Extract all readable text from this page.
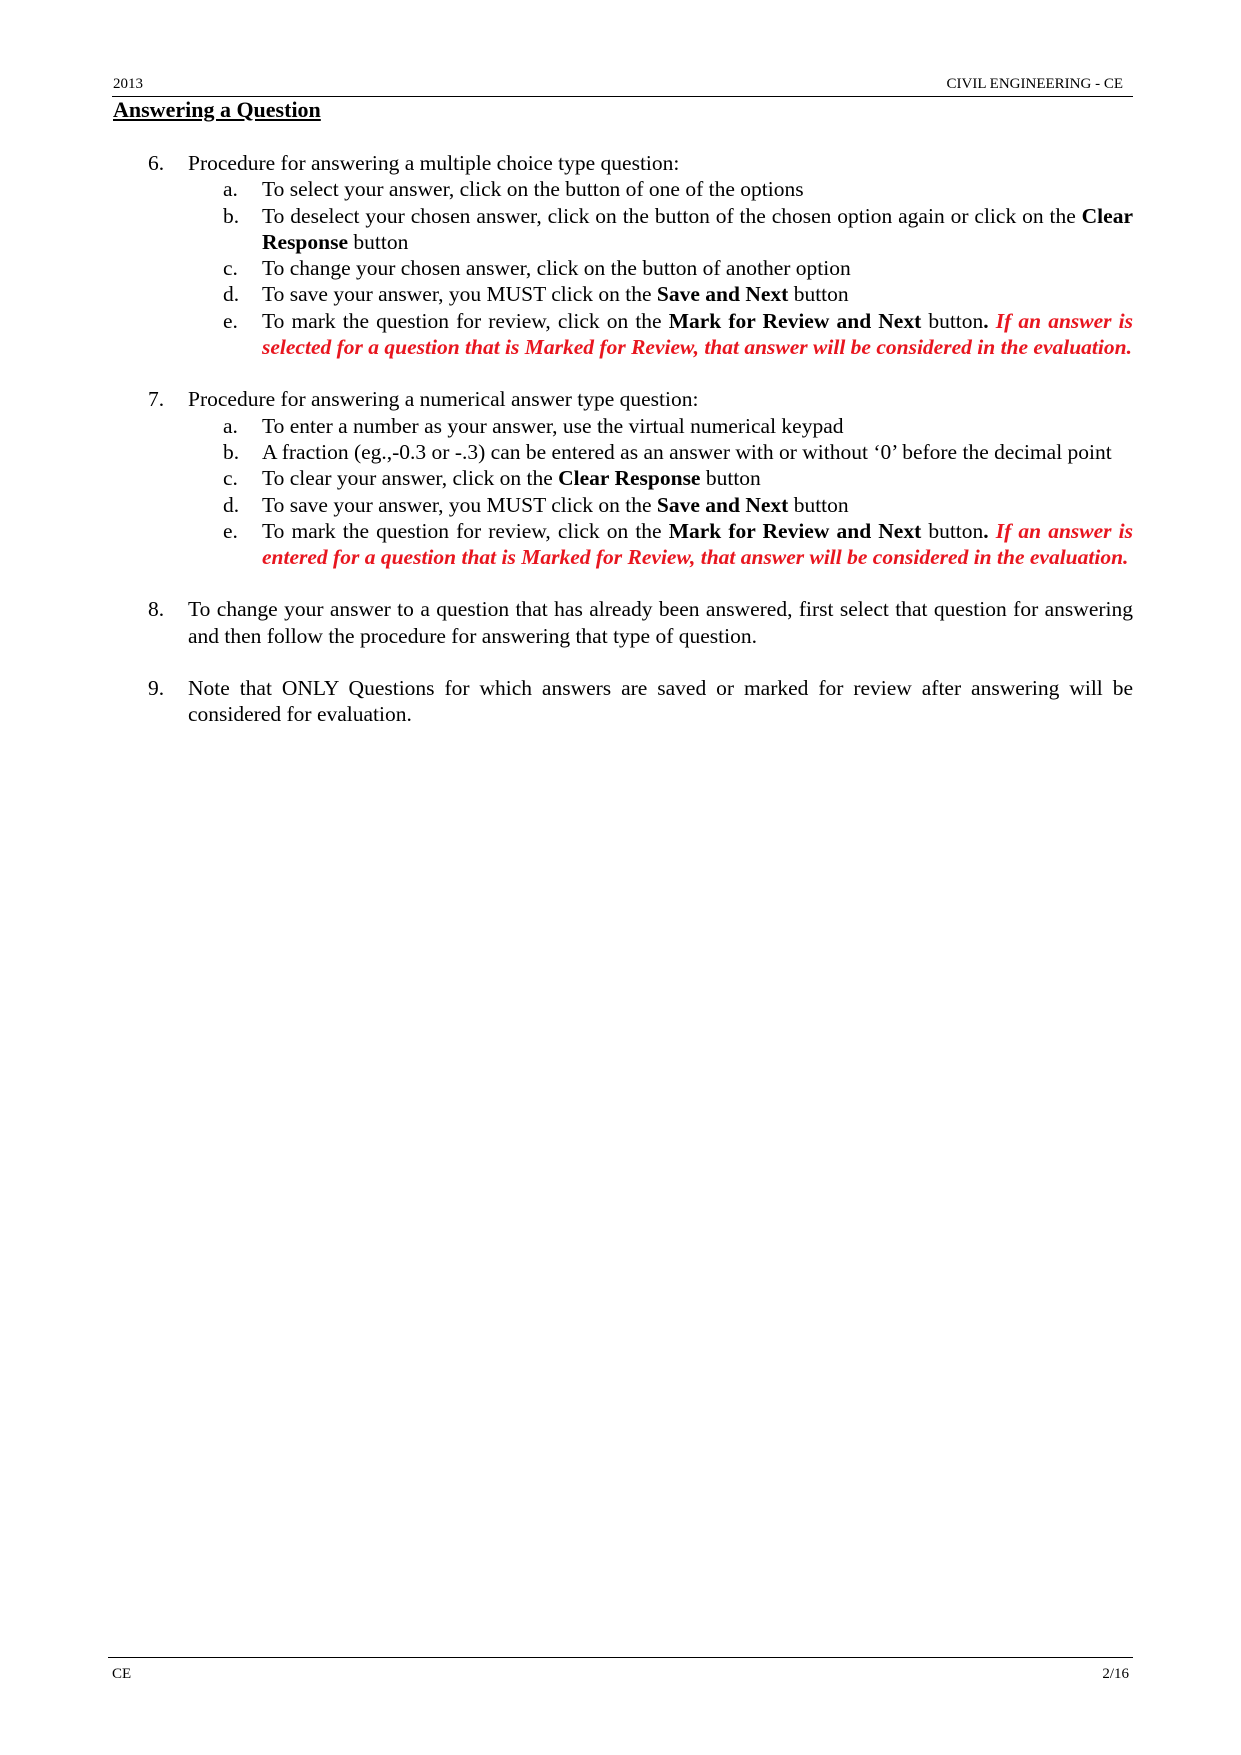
2013	CIVIL ENGINEERING - CE
Answering a Question
6. Procedure for answering a multiple choice type question:
a. To select your answer, click on the button of one of the options
b. To deselect your chosen answer, click on the button of the chosen option again or click on the Clear Response button
c. To change your chosen answer, click on the button of another option
d. To save your answer, you MUST click on the Save and Next button
e. To mark the question for review, click on the Mark for Review and Next button. If an answer is selected for a question that is Marked for Review, that answer will be considered in the evaluation.
7. Procedure for answering a numerical answer type question:
a. To enter a number as your answer, use the virtual numerical keypad
b. A fraction (eg.,-0.3 or -.3) can be entered as an answer with or without ‘0’ before the decimal point
c. To clear your answer, click on the Clear Response button
d. To save your answer, you MUST click on the Save and Next button
e. To mark the question for review, click on the Mark for Review and Next button. If an answer is entered for a question that is Marked for Review, that answer will be considered in the evaluation.
8. To change your answer to a question that has already been answered, first select that question for answering and then follow the procedure for answering that type of question.
9. Note that ONLY Questions for which answers are saved or marked for review after answering will be considered for evaluation.
CE	2/16
